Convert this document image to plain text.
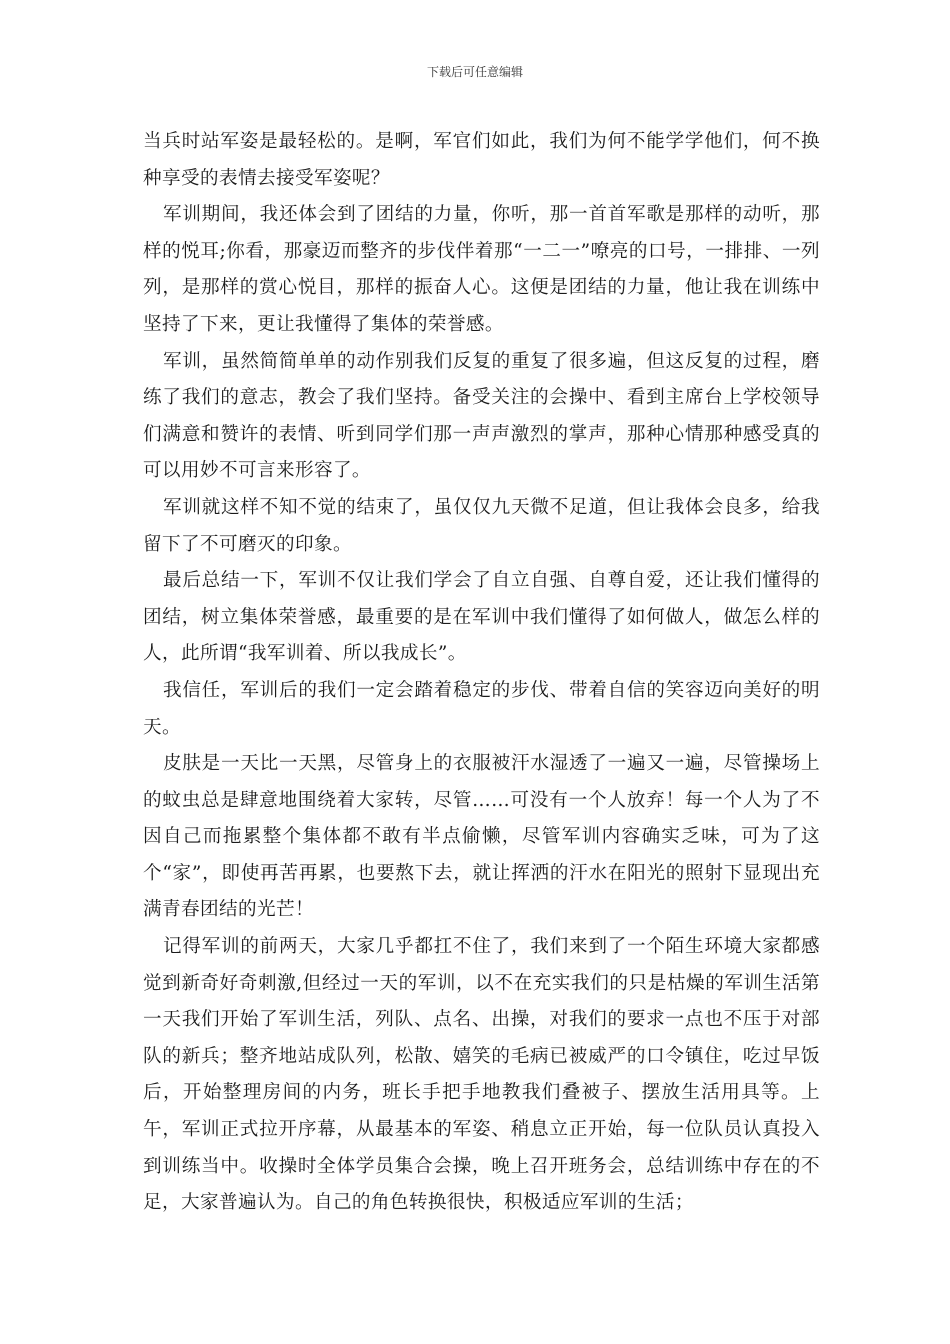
下载后可任意编辑

当兵时站军姿是最轻松的。是啊，军官们如此，我们为何不能学学他们，何不换种享受的表情去接受军姿呢？

军训期间，我还体会到了团结的力量，你听，那一首首军歌是那样的动听，那样的悦耳;你看，那豪迈而整齐的步伐伴着那“一二一”嘹亮的口号，一排排、一列列，是那样的赏心悦目，那样的振奋人心。这便是团结的力量，他让我在训练中坚持了下来，更让我懂得了集体的荣誉感。

军训，虽然简简单单的动作别我们反复的重复了很多遍，但这反复的过程，磨练了我们的意志，教会了我们坚持。备受关注的会操中、看到主席台上学校领导们满意和赞许的表情、听到同学们那一声声激烈的掌声，那种心情那种感受真的可以用妙不可言来形容了。

军训就这样不知不觉的结束了，虽仅仅九天微不足道，但让我体会良多，给我留下了不可磨灭的印象。

最后总结一下，军训不仅让我们学会了自立自强、自尊自爱，还让我们懂得的团结，树立集体荣誉感，最重要的是在军训中我们懂得了如何做人，做怎么样的人，此所谓“我军训着、所以我成长”。

我信任，军训后的我们一定会踏着稳定的步伐、带着自信的笑容迈向美好的明天。

皮肤是一天比一天黑，尽管身上的衣服被汗水湿透了一遍又一遍，尽管操场上的蚊虫总是肆意地围绕着大家转，尽管……可没有一个人放弃！每一个人为了不因自己而拖累整个集体都不敢有半点偷懒，尽管军训内容确实乏味，可为了这个“家”，即使再苦再累，也要熬下去，就让挥洒的汗水在阳光的照射下显现出充满青春团结的光芒！

记得军训的前两天，大家几乎都扛不住了，我们来到了一个陌生环境大家都感觉到新奇好奇刺激,但经过一天的军训，以不在充实我们的只是枯燥的军训生活第一天我们开始了军训生活，列队、点名、出操，对我们的要求一点也不压于对部队的新兵；整齐地站成队列，松散、嬉笑的毛病已被威严的口令镇住，吃过早饭后，开始整理房间的内务，班长手把手地教我们叠被子、摆放生活用具等。上午，军训正式拉开序幕，从最基本的军姿、稍息立正开始，每一位队员认真投入到训练当中。收操时全体学员集合会操，晚上召开班务会，总结训练中存在的不足，大家普遍认为。自己的角色转换很快，积极适应军训的生活；
